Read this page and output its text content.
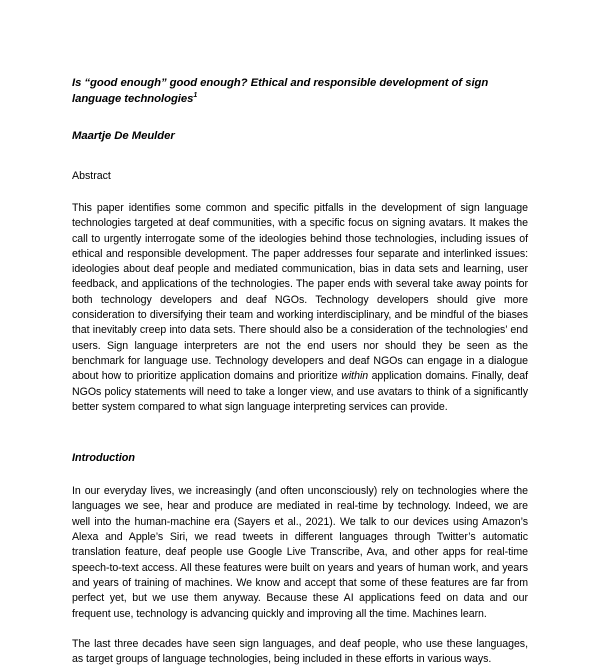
Is “good enough” good enough? Ethical and responsible development of sign language technologies$^1$
Maartje De Meulder
Abstract

This paper identifies some common and specific pitfalls in the development of sign language technologies targeted at deaf communities, with a specific focus on signing avatars. It makes the call to urgently interrogate some of the ideologies behind those technologies, including issues of ethical and responsible development. The paper addresses four separate and interlinked issues: ideologies about deaf people and mediated communication, bias in data sets and learning, user feedback, and applications of the technologies. The paper ends with several take away points for both technology developers and deaf NGOs. Technology developers should give more consideration to diversifying their team and working interdisciplinary, and be mindful of the biases that inevitably creep into data sets. There should also be a consideration of the technologies’ end users. Sign language interpreters are not the end users nor should they be seen as the benchmark for language use. Technology developers and deaf NGOs can engage in a dialogue about how to prioritize application domains and prioritize within application domains. Finally, deaf NGOs policy statements will need to take a longer view, and use avatars to think of a significantly better system compared to what sign language interpreting services can provide.

Introduction

In our everyday lives, we increasingly (and often unconsciously) rely on technologies where the languages we see, hear and produce are mediated in real-time by technology. Indeed, we are well into the human-machine era (Sayers et al., 2021). We talk to our devices using Amazon’s Alexa and Apple’s Siri, we read tweets in different languages through Twitter’s automatic translation feature, deaf people use Google Live Transcribe, Ava, and other apps for real-time speech-to-text access. All these features were built on years and years of human work, and years and years of training of machines. We know and accept that some of these features are far from perfect yet, but we use them anyway. Because these AI applications feed on data and our frequent use, technology is advancing quickly and improving all the time. Machines learn.

The last three decades have seen sign languages, and deaf people, who use these languages, as target groups of language technologies, being included in these efforts in various ways.
